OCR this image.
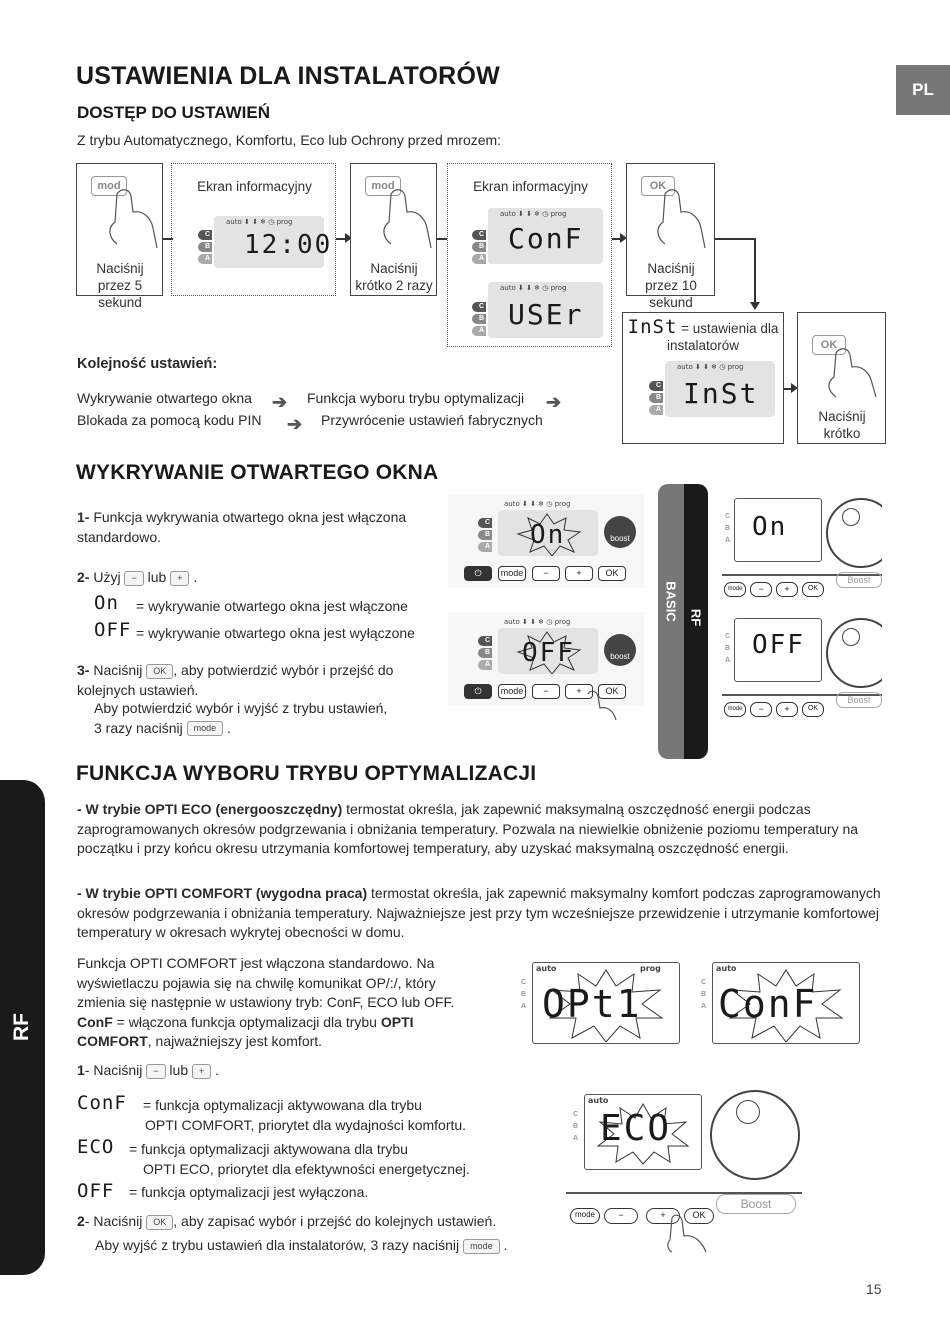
PL
RF
USTAWIENIA DLA INSTALATORÓW
DOSTĘP DO USTAWIEŃ
Z trybu Automatycznego, Komfortu, Eco lub Ochrony przed mrozem:
mod
Naciśnij przez 5 sekund
Ekran informacyjny
C
B
A
auto ⬇ ⬇ ❄ ◷ prog
12:00
mod
Naciśnij krótko 2 razy
Ekran informacyjny
C
B
A
auto ⬇ ⬇ ❄ ◷ prog
ConF
C
B
A
auto ⬇ ⬇ ❄ ◷ prog
USEr
OK
Naciśnij przez 10 sekund
InSt = ustawienia dla instalatorów
C
B
A
auto ⬇ ⬇ ❄ ◷ prog
InSt
OK
Naciśnij krótko
Kolejność ustawień:
Wykrywanie otwartego okna ➔ Funkcja wyboru trybu optymalizacji ➔
Blokada za pomocą kodu PIN ➔ Przywrócenie ustawień fabrycznych
WYKRYWANIE OTWARTEGO OKNA
1- Funkcja wykrywania otwartego okna jest włączona standardowo.
2- Użyj − lub + .
On = wykrywanie otwartego okna jest włączone
OFF = wykrywanie otwartego okna jest wyłączone
3- Naciśnij OK , aby potwierdzić wybór i przejść do kolejnych ustawień.
Aby potwierdzić wybór i wyjść z trybu ustawień,
3 razy naciśnij mode .
auto ⬇ ⬇ ❄ ◷ prog
C
B
A On	boost
⏻	mode	−	+	OK
auto ⬇ ⬇ ❄ ◷ prog
C
B
A OFF	boost
⏻	mode	−	+	OK
BASIC RF
C
B
A On
mode	−	+	OK
Boost
C
B
A
OFF
mode	−	+	OK
Boost
FUNKCJA WYBORU TRYBU OPTYMALIZACJI
- W trybie OPTI ECO (energooszczędny) termostat określa, jak zapewnić maksymalną oszczędność energii podczas zaprogramowanych okresów podgrzewania i obniżania temperatury. Pozwala na niewielkie obniżenie poziomu temperatury na początku i przy końcu okresu utrzymania komfortowej temperatury, aby uzyskać maksymalną oszczędność energii.
- W trybie OPTI COMFORT (wygodna praca) termostat określa, jak zapewnić maksymalny komfort podczas zaprogramowanych okresów podgrzewania i obniżania temperatury. Najważniejsze jest przy tym wcześniejsze przewidzenie i utrzymanie komfortowej temperatury w okresach wykrytej obecności w domu.
Funkcja OPTI COMFORT jest włączona standardowo. Na wyświetlaczu pojawia się na chwilę komunikat OP/:/, który zmienia się następnie w ustawiony tryb: ConF, ECO lub OFF.
ConF = włączona funkcja optymalizacji dla trybu OPTI COMFORT, najważniejszy jest komfort.
1- Naciśnij − lub + .
ConF = funkcja optymalizacji aktywowana dla trybu
OPTI COMFORT, priorytet dla wydajności komfortu.
ECO = funkcja optymalizacji aktywowana dla trybu
OPTI ECO, priorytet dla efektywności energetycznej.
OFF = funkcja optymalizacji jest wyłączona.
2- Naciśnij OK , aby zapisać wybór i przejść do kolejnych ustawień.
Aby wyjść z trybu ustawień dla instalatorów, 3 razy naciśnij mode .
C
B
A
auto	prog
OPt1	C
B
A
auto
ConF
C
B
A
auto
ECO
mode	−	+	OK
Boost
15
